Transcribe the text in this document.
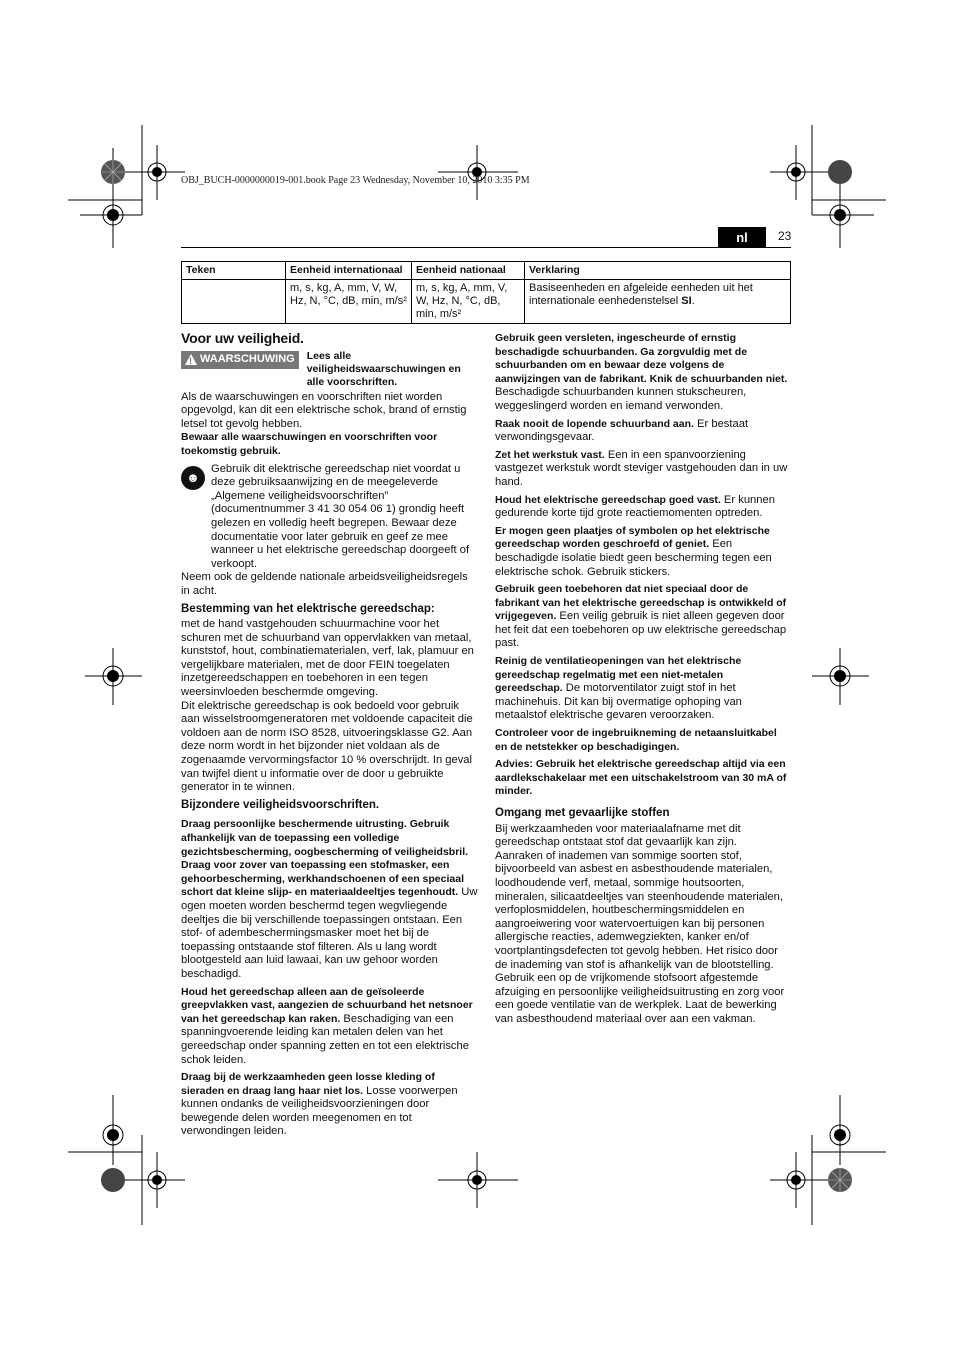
OBJ_BUCH-0000000019-001.book Page 23 Wednesday, November 10, 2010 3:35 PM
nl	23
Teken	Eenheid internationaal	Eenheid nationaal	Verklaring
	m, s, kg, A, mm, V, W, Hz, N, °C, dB, min, m/s²	m, s, kg, A, mm, V, W, Hz, N, °C, dB, min, m/s²	Basiseenheden en afgeleide eenheden uit het internationale eenhedenstelsel SI.

Voor uw veiligheid.

! WAARSCHUWING Lees alle veiligheidswaarschuwingen en alle voorschriften.

Als de waarschuwingen en voorschriften niet worden opgevolgd, kan dit een elektrische schok, brand of ernstig letsel tot gevolg hebben.

Bewaar alle waarschuwingen en voorschriften voor toekomstig gebruik.

☻

Gebruik dit elektrische gereedschap niet voordat u deze gebruiksaanwijzing en de meegeleverde „Algemene veiligheidsvoorschriften” (documentnummer 3 41 30 054 06 1) grondig heeft gelezen en volledig heeft begrepen. Bewaar deze documentatie voor later gebruik en geef ze mee wanneer u het elektrische gereedschap doorgeeft of verkoopt.

Neem ook de geldende nationale arbeidsveiligheidsregels in acht.

Bestemming van het elektrische gereedschap:

met de hand vastgehouden schuurmachine voor het schuren met de schuurband van oppervlakken van metaal, kunststof, hout, combinatiematerialen, verf, lak, plamuur en vergelijkbare materialen, met de door FEIN toegelaten inzetgereedschappen en toebehoren in een tegen weersinvloeden beschermde omgeving.

Dit elektrische gereedschap is ook bedoeld voor gebruik aan wisselstroomgeneratoren met voldoende capaciteit die voldoen aan de norm ISO 8528, uitvoeringsklasse G2. Aan deze norm wordt in het bijzonder niet voldaan als de zogenaamde vervormingsfactor 10 % overschrijdt. In geval van twijfel dient u informatie over de door u gebruikte generator in te winnen.

Bijzondere veiligheidsvoorschriften.

Draag persoonlijke beschermende uitrusting. Gebruik afhankelijk van de toepassing een volledige gezichtsbescherming, oogbescherming of veiligheidsbril. Draag voor zover van toepassing een stofmasker, een gehoorbescherming, werkhandschoenen of een speciaal schort dat kleine slijp- en materiaaldeeltjes tegenhoudt. Uw ogen moeten worden beschermd tegen wegvliegende deeltjes die bij verschillende toepassingen ontstaan. Een stof- of adembeschermingsmasker moet het bij de toepassing ontstaande stof filteren. Als u lang wordt blootgesteld aan luid lawaai, kan uw gehoor worden beschadigd.

Houd het gereedschap alleen aan de geïsoleerde greepvlakken vast, aangezien de schuurband het netsnoer van het gereedschap kan raken. Beschadiging van een spanningvoerende leiding kan metalen delen van het gereedschap onder spanning zetten en tot een elektrische schok leiden.

Draag bij de werkzaamheden geen losse kleding of sieraden en draag lang haar niet los. Losse voorwerpen kunnen ondanks de veiligheidsvoorzieningen door bewegende delen worden meegenomen en tot verwondingen leiden.

Gebruik geen versleten, ingescheurde of ernstig beschadigde schuurbanden. Ga zorgvuldig met de schuurbanden om en bewaar deze volgens de aanwijzingen van de fabrikant. Knik de schuurbanden niet. Beschadigde schuurbanden kunnen stukscheuren, weggeslingerd worden en iemand verwonden.

Raak nooit de lopende schuurband aan. Er bestaat verwondingsgevaar.

Zet het werkstuk vast. Een in een spanvoorziening vastgezet werkstuk wordt steviger vastgehouden dan in uw hand.

Houd het elektrische gereedschap goed vast. Er kunnen gedurende korte tijd grote reactiemomenten optreden.

Er mogen geen plaatjes of symbolen op het elektrische gereedschap worden geschroefd of geniet. Een beschadigde isolatie biedt geen bescherming tegen een elektrische schok. Gebruik stickers.

Gebruik geen toebehoren dat niet speciaal door de fabrikant van het elektrische gereedschap is ontwikkeld of vrijgegeven. Een veilig gebruik is niet alleen gegeven door het feit dat een toebehoren op uw elektrische gereedschap past.

Reinig de ventilatieopeningen van het elektrische gereedschap regelmatig met een niet-metalen gereedschap. De motorventilator zuigt stof in het machinehuis. Dit kan bij overmatige ophoping van metaalstof elektrische gevaren veroorzaken.

Controleer voor de ingebruikneming de netaansluitkabel en de netstekker op beschadigingen.

Advies: Gebruik het elektrische gereedschap altijd via een aardlekschakelaar met een uitschakelstroom van 30 mA of minder.

Omgang met gevaarlijke stoffen

Bij werkzaamheden voor materiaalafname met dit gereedschap ontstaat stof dat gevaarlijk kan zijn.

Aanraken of inademen van sommige soorten stof, bijvoorbeeld van asbest en asbesthoudende materialen, loodhoudende verf, metaal, sommige houtsoorten, mineralen, silicaatdeeltjes van steenhoudende materialen, verfoplosmiddelen, houtbeschermingsmiddelen en aangroeiwering voor watervoertuigen kan bij personen allergische reacties, ademwegziekten, kanker en/of voortplantingsdefecten tot gevolg hebben. Het risico door de inademing van stof is afhankelijk van de blootstelling. Gebruik een op de vrijkomende stofsoort afgestemde afzuiging en persoonlijke veiligheidsuitrusting en zorg voor een goede ventilatie van de werkplek. Laat de bewerking van asbesthoudend materiaal over aan een vakman.
